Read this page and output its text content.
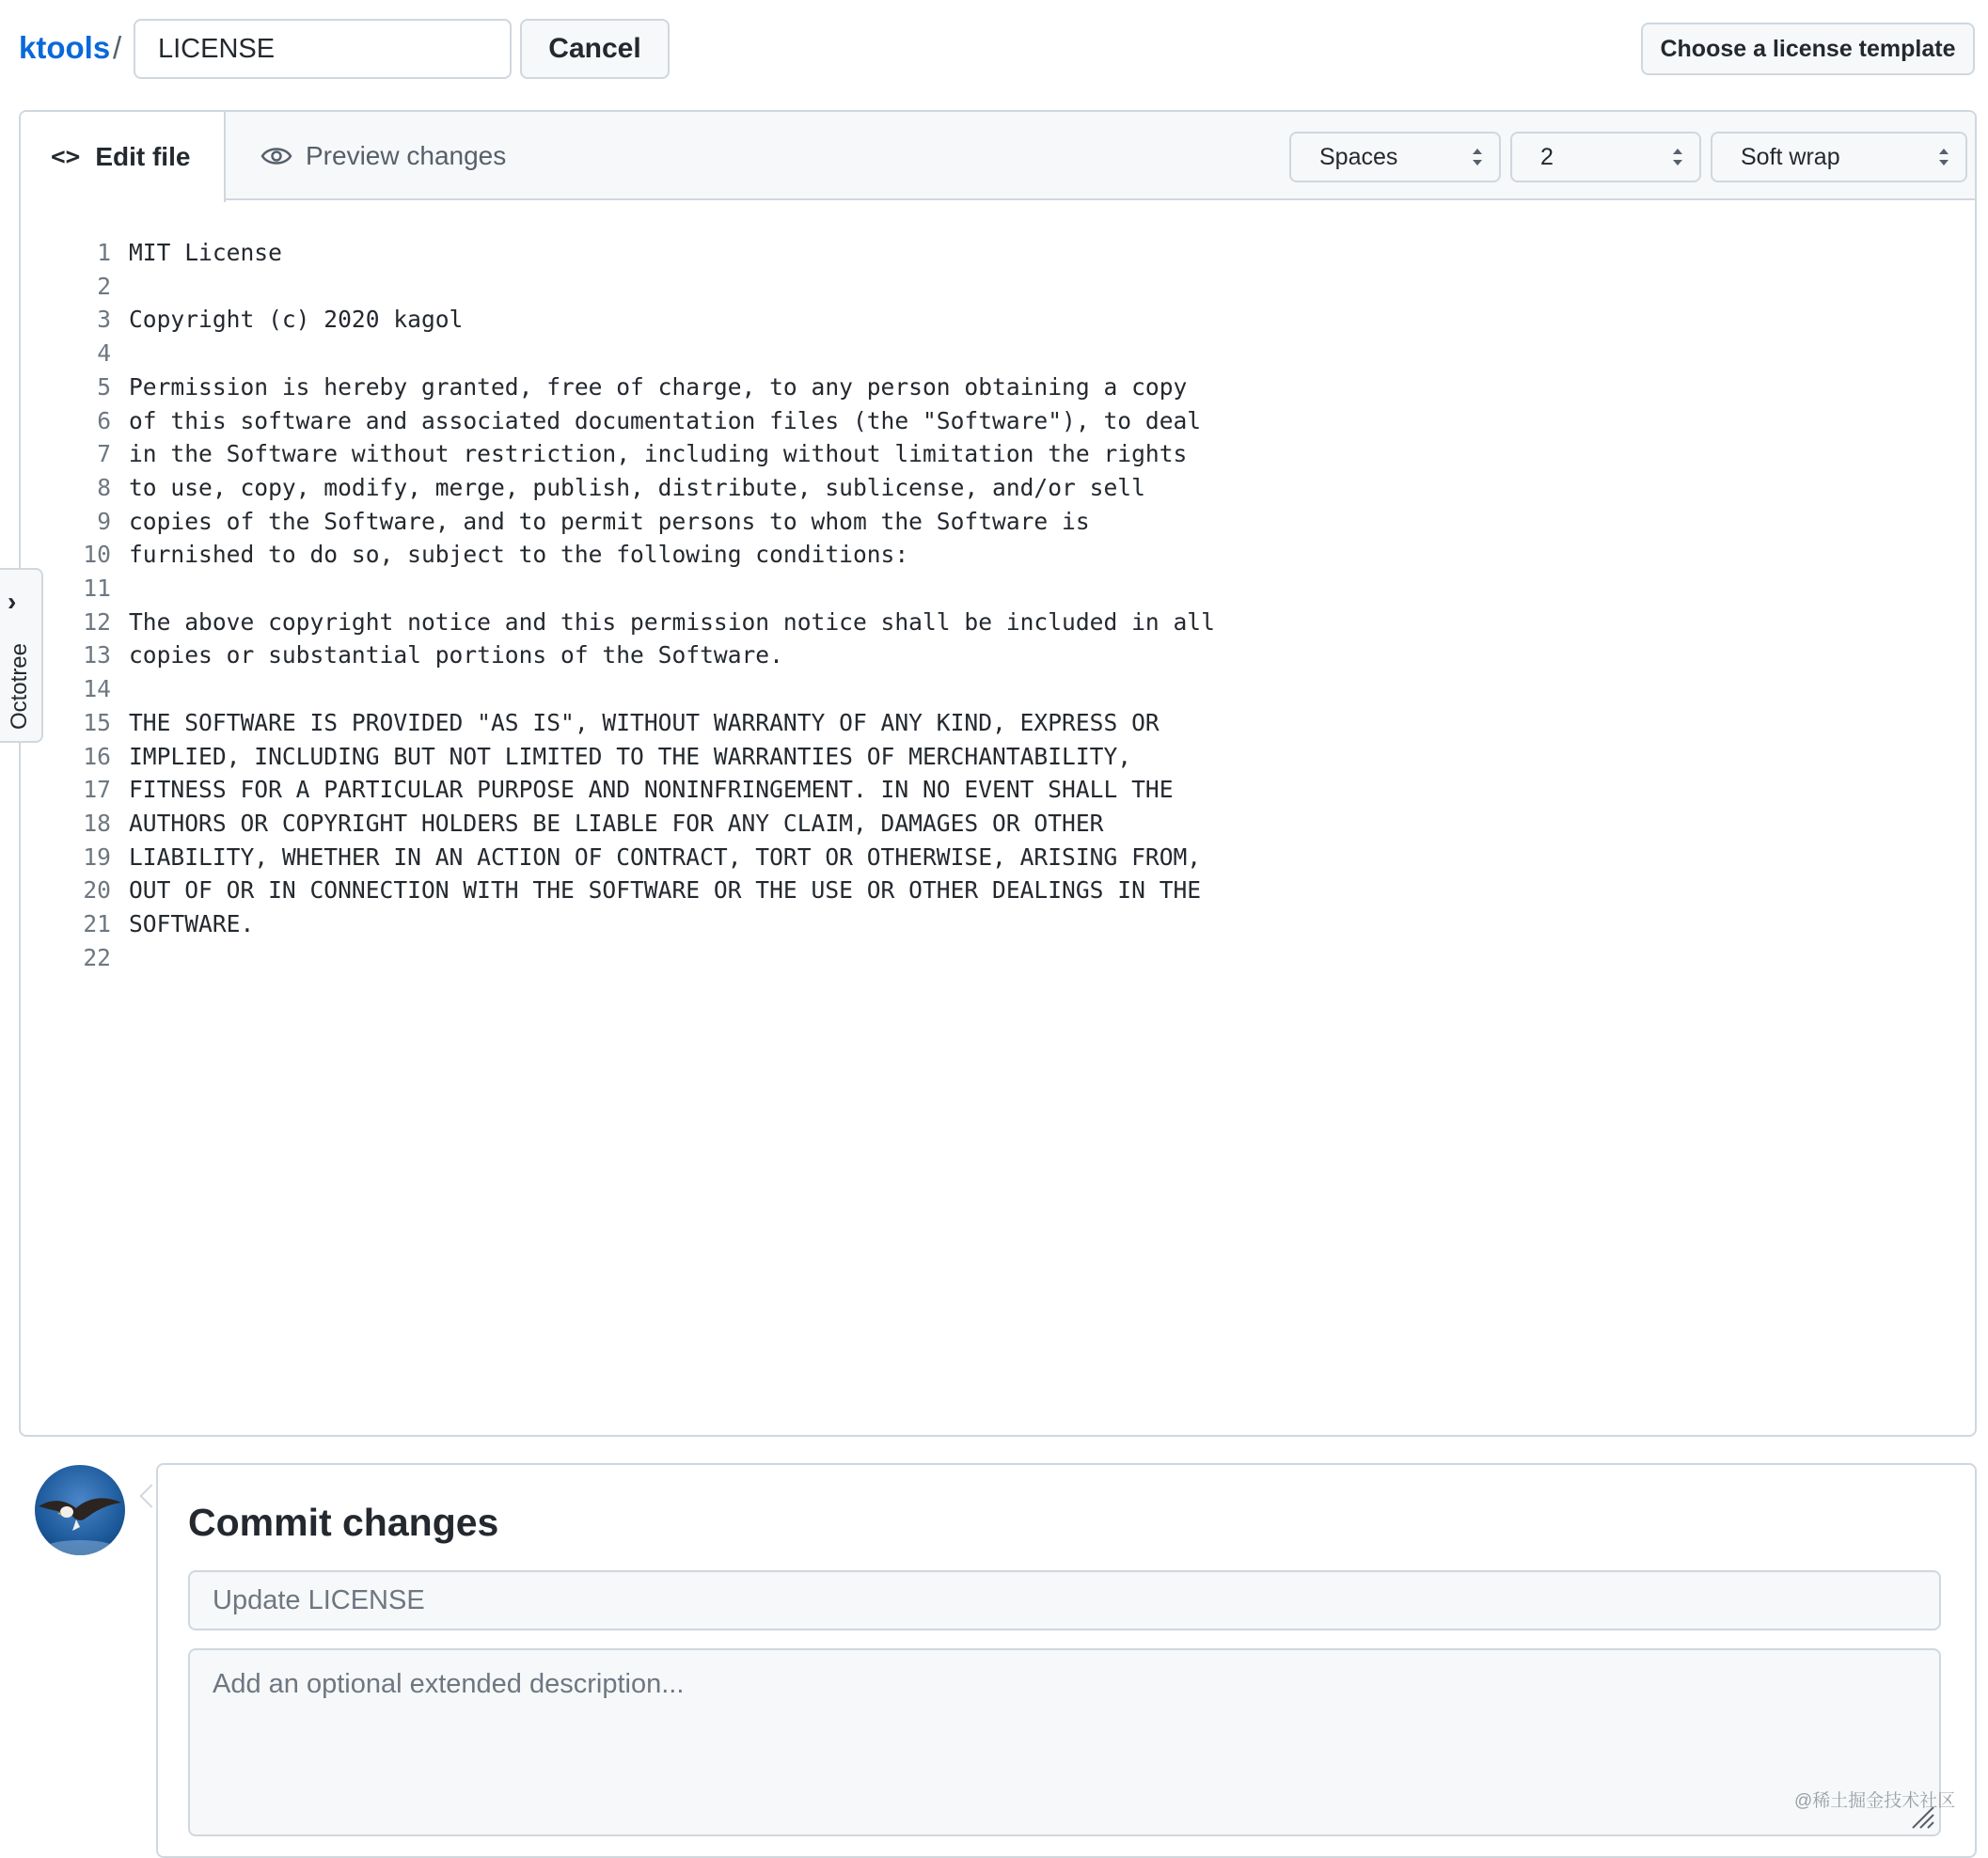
ktools /
LICENSE	Cancel	Choose a license template
<> Edit file	Preview changes	Spaces	2	Soft wrap
1 MIT License
2
3 Copyright (c) 2020 kagol
4
5 Permission is hereby granted, free of charge, to any person obtaining a copy
6 of this software and associated documentation files (the "Software"), to deal
7 in the Software without restriction, including without limitation the rights
8 to use, copy, modify, merge, publish, distribute, sublicense, and/or sell
9 copies of the Software, and to permit persons to whom the Software is
10 furnished to do so, subject to the following conditions:
11
12 The above copyright notice and this permission notice shall be included in all
13 copies or substantial portions of the Software.
14
15 THE SOFTWARE IS PROVIDED "AS IS", WITHOUT WARRANTY OF ANY KIND, EXPRESS OR
16 IMPLIED, INCLUDING BUT NOT LIMITED TO THE WARRANTIES OF MERCHANTABILITY,
17 FITNESS FOR A PARTICULAR PURPOSE AND NONINFRINGEMENT. IN NO EVENT SHALL THE
18 AUTHORS OR COPYRIGHT HOLDERS BE LIABLE FOR ANY CLAIM, DAMAGES OR OTHER
19 LIABILITY, WHETHER IN AN ACTION OF CONTRACT, TORT OR OTHERWISE, ARISING FROM,
20 OUT OF OR IN CONNECTION WITH THE SOFTWARE OR THE USE OR OTHER DEALINGS IN THE
21 SOFTWARE.
22
›
Octotree
Commit changes
Update LICENSE
Add an optional extended description...
@稀土掘金技术社区
